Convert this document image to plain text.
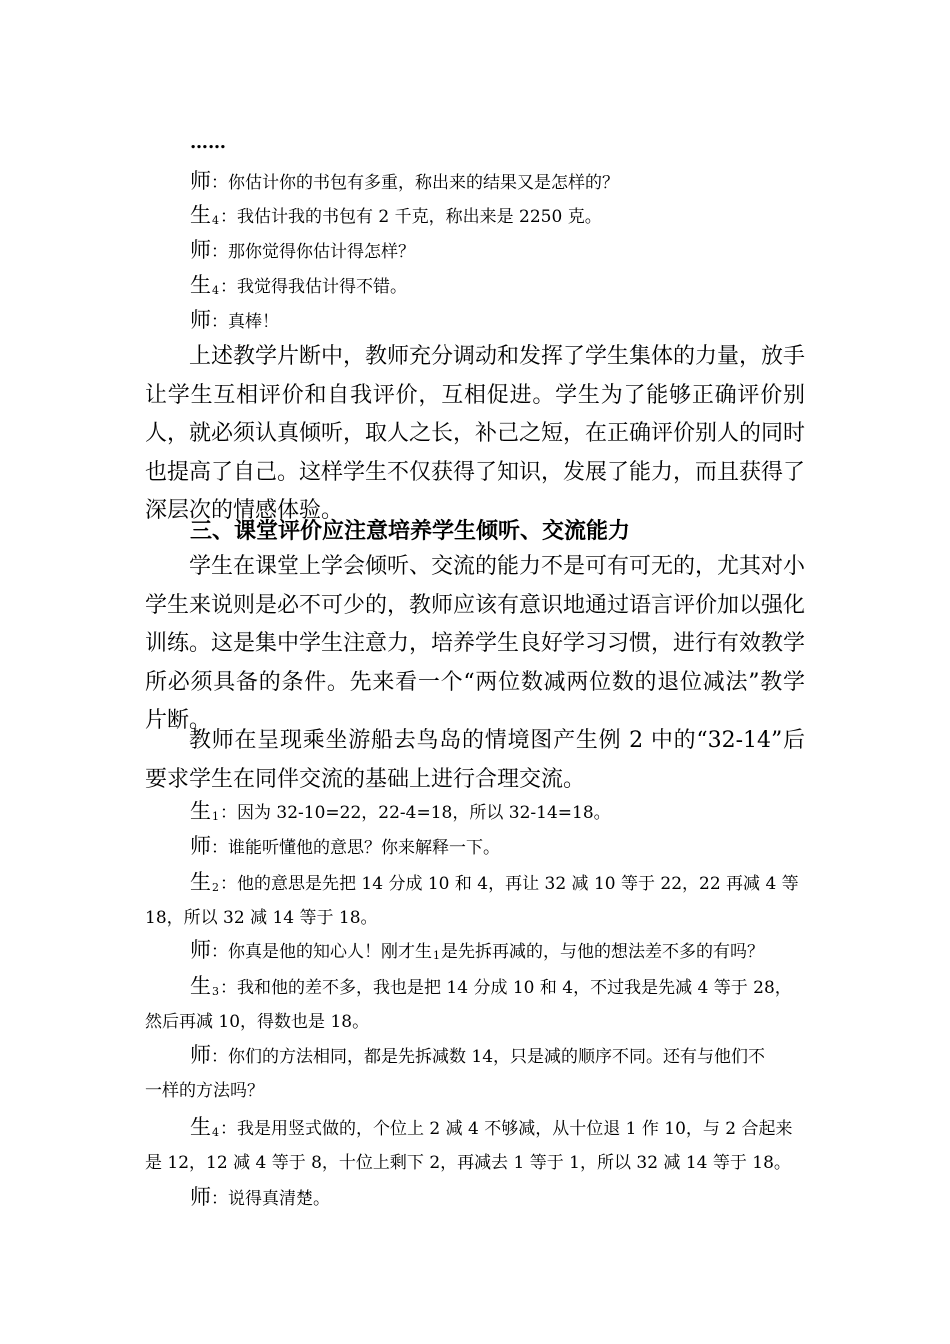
……
师：你估计你的书包有多重，称出来的结果又是怎样的？
生4：我估计我的书包有 2 千克，称出来是 2250 克。
师：那你觉得你估计得怎样？
生4：我觉得我估计得不错。
师：真棒！

上述教学片断中，教师充分调动和发挥了学生集体的力量，放手让学生互相评价和自我评价，互相促进。学生为了能够正确评价别人，就必须认真倾听，取人之长，补己之短，在正确评价别人的同时也提高了自己。这样学生不仅获得了知识，发展了能力，而且获得了深层次的情感体验。

三、课堂评价应注意培养学生倾听、交流能力

学生在课堂上学会倾听、交流的能力不是可有可无的，尤其对小学生来说则是必不可少的，教师应该有意识地通过语言评价加以强化训练。这是集中学生注意力，培养学生良好学习习惯，进行有效教学所必须具备的条件。先来看一个“两位数减两位数的退位减法”教学片断。

教师在呈现乘坐游船去鸟岛的情境图产生例 2 中的“32-14”后要求学生在同伴交流的基础上进行合理交流。

生1：因为 32-10=22，22-4=18，所以 32-14=18。
师：谁能听懂他的意思？你来解释一下。
生2：他的意思是先把 14 分成 10 和 4，再让 32 减 10 等于 22，22 再减 4 等
18，所以 32 减 14 等于 18。
师：你真是他的知心人！刚才生1是先拆再减的，与他的想法差不多的有吗？
生3：我和他的差不多，我也是把 14 分成 10 和 4，不过我是先减 4 等于 28，
然后再减 10，得数也是 18。
师：你们的方法相同，都是先拆减数 14，只是减的顺序不同。还有与他们不
一样的方法吗？
生4：我是用竖式做的，个位上 2 减 4 不够减，从十位退 1 作 10，与 2 合起来
是 12，12 减 4 等于 8，十位上剩下 2，再减去 1 等于 1，所以 32 减 14 等于 18。
师：说得真清楚。
